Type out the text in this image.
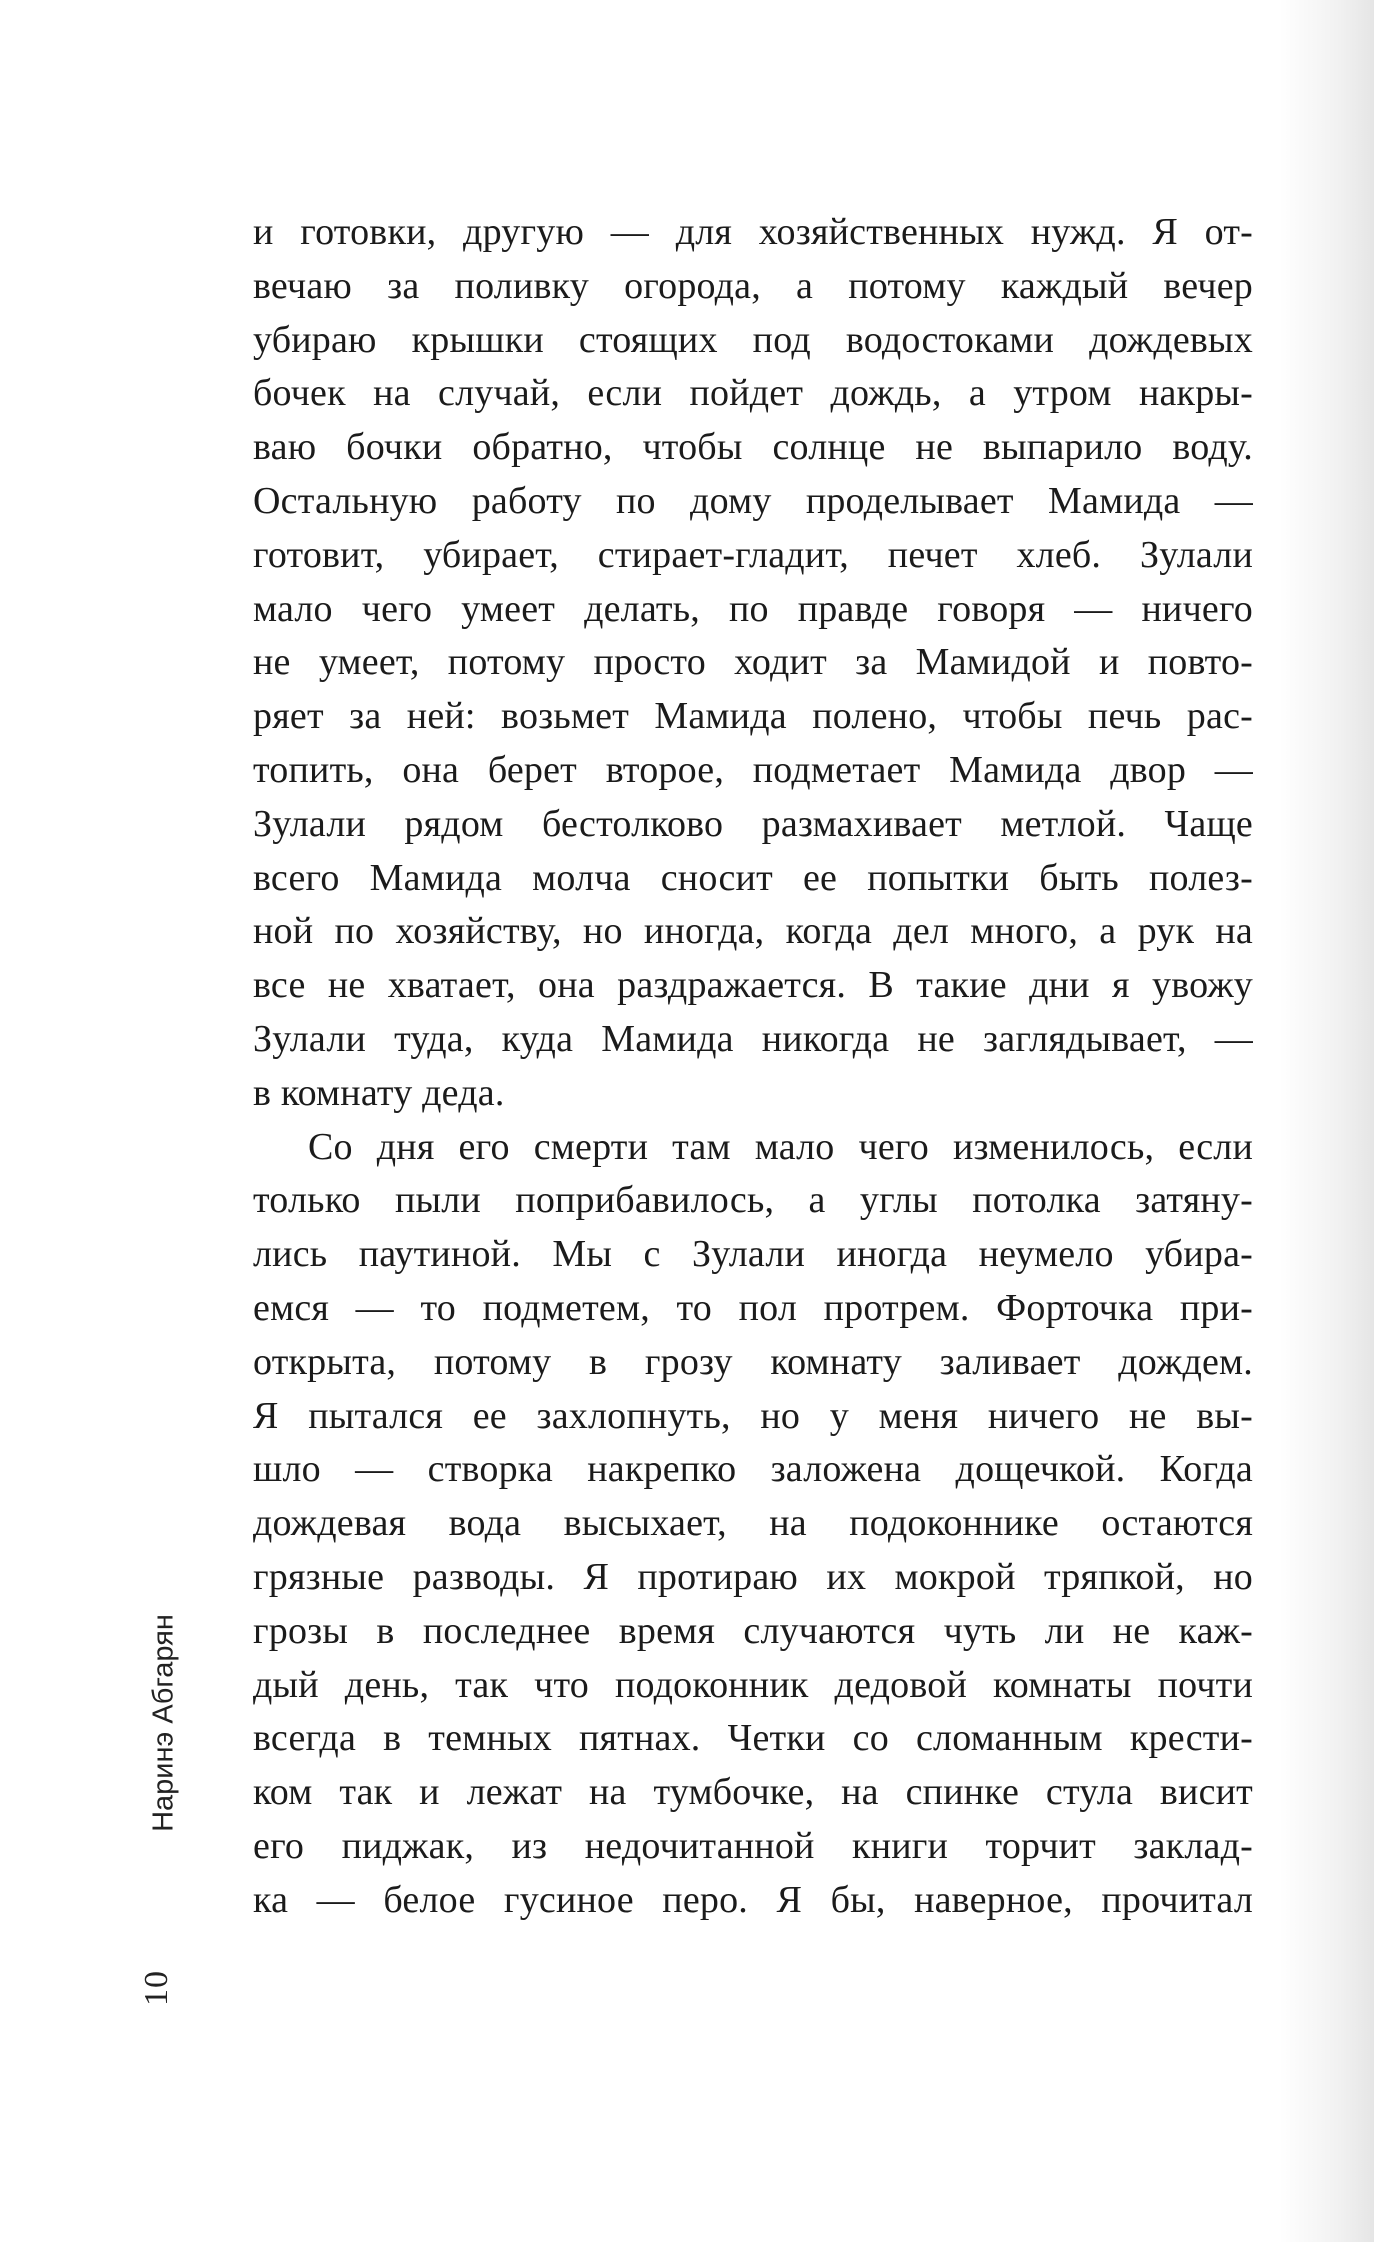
Наринэ Абгарян
10
и готовки, другую — для хозяйственных нужд. Я от-
вечаю за поливку огорода, а потому каждый вечер
убираю крышки стоящих под водостоками дождевых
бочек на случай, если пойдет дождь, а утром накры-
ваю бочки обратно, чтобы солнце не выпарило воду.
Остальную работу по дому проделывает Мамида —
готовит, убирает, стирает-гладит, печет хлеб. Зулали
мало чего умеет делать, по правде говоря — ничего
не умеет, потому просто ходит за Мамидой и повто-
ряет за ней: возьмет Мамида полено, чтобы печь рас-
топить, она берет второе, подметает Мамида двор —
Зулали рядом бестолково размахивает метлой. Чаще
всего Мамида молча сносит ее попытки быть полез-
ной по хозяйству, но иногда, когда дел много, а рук на
все не хватает, она раздражается. В такие дни я увожу
Зулали туда, куда Мамида никогда не заглядывает, —
в комнату деда.
Со дня его смерти там мало чего изменилось, если
только пыли поприбавилось, а углы потолка затяну-
лись паутиной. Мы с Зулали иногда неумело убира-
емся — то подметем, то пол протрем. Форточка при-
открыта, потому в грозу комнату заливает дождем.
Я пытался ее захлопнуть, но у меня ничего не вы-
шло — створка накрепко заложена дощечкой. Когда
дождевая вода высыхает, на подоконнике остаются
грязные разводы. Я протираю их мокрой тряпкой, но
грозы в последнее время случаются чуть ли не каж-
дый день, так что подоконник дедовой комнаты почти
всегда в темных пятнах. Четки со сломанным крести-
ком так и лежат на тумбочке, на спинке стула висит
его пиджак, из недочитанной книги торчит заклад-
ка — белое гусиное перо. Я бы, наверное, прочитал
